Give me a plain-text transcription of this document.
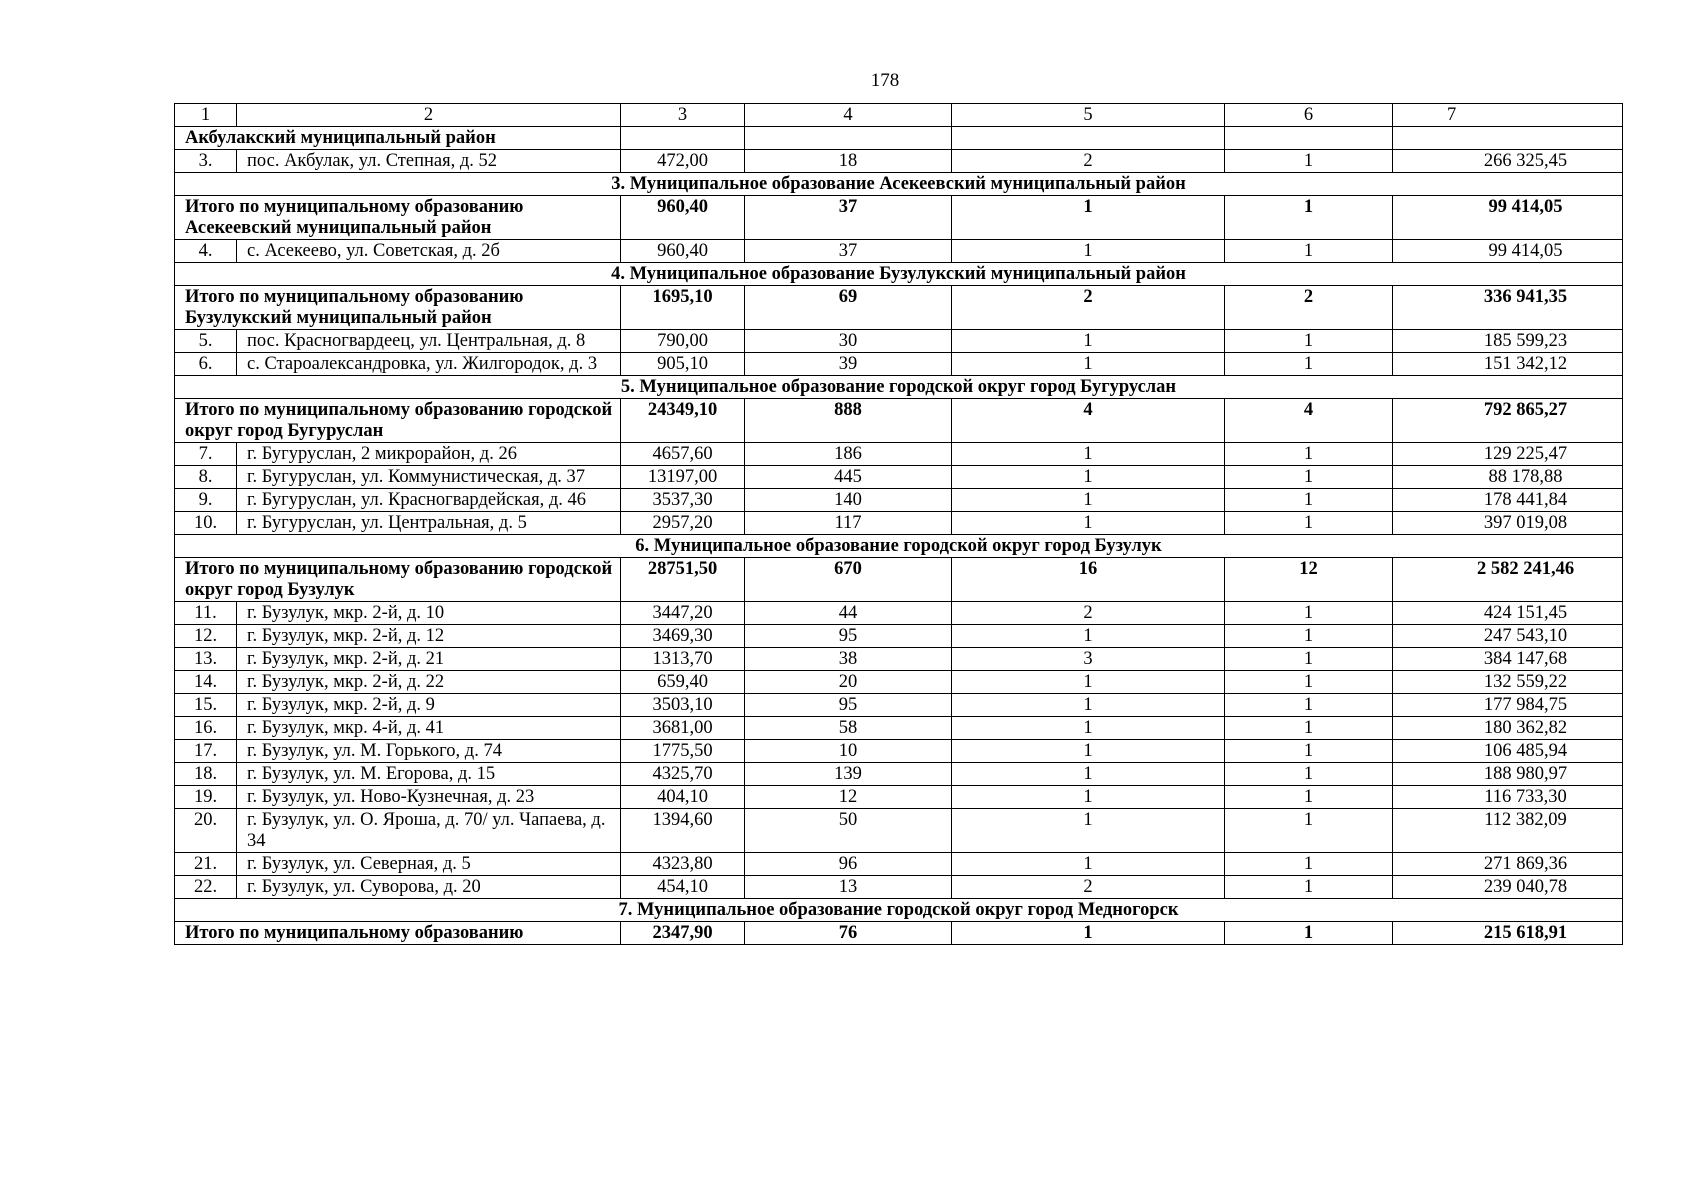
178
1	2	3	4	5	6	7
Акбулакский муниципальный район						
3.	пос. Акбулак, ул. Степная, д. 52	472,00	18	2	1	266 325,45
3. Муниципальное образование Асекеевский муниципальный район						
Итого по муниципальному образованию Асекеевский муниципальный район		960,40	37	1	1	99 414,05
4.	с. Асекеево, ул. Советская, д. 2б	960,40	37	1	1	99 414,05
4. Муниципальное образование Бузулукский муниципальный район						
Итого по муниципальному образованию Бузулукский муниципальный район		1695,10	69	2	2	336 941,35
5.	пос. Красногвардеец, ул. Центральная, д. 8	790,00	30	1	1	185 599,23
6.	с. Староалександровка, ул. Жилгородок, д. 3	905,10	39	1	1	151 342,12
5. Муниципальное образование городской округ город Бугуруслан						
Итого по муниципальному образованию городской округ город Бугуруслан		24349,10	888	4	4	792 865,27
7.	г. Бугуруслан, 2 микрорайон, д. 26	4657,60	186	1	1	129 225,47
8.	г. Бугуруслан, ул. Коммунистическая, д. 37	13197,00	445	1	1	88 178,88
9.	г. Бугуруслан, ул. Красногвардейская, д. 46	3537,30	140	1	1	178 441,84
10.	г. Бугуруслан, ул. Центральная, д. 5	2957,20	117	1	1	397 019,08
6. Муниципальное образование городской округ город Бузулук						
Итого по муниципальному образованию городской округ город Бузулук		28751,50	670	16	12	2 582 241,46
11.	г. Бузулук, мкр. 2-й, д. 10	3447,20	44	2	1	424 151,45
12.	г. Бузулук, мкр. 2-й, д. 12	3469,30	95	1	1	247 543,10
13.	г. Бузулук, мкр. 2-й, д. 21	1313,70	38	3	1	384 147,68
14.	г. Бузулук, мкр. 2-й, д. 22	659,40	20	1	1	132 559,22
15.	г. Бузулук, мкр. 2-й, д. 9	3503,10	95	1	1	177 984,75
16.	г. Бузулук, мкр. 4-й, д. 41	3681,00	58	1	1	180 362,82
17.	г. Бузулук, ул. М. Горького, д. 74	1775,50	10	1	1	106 485,94
18.	г. Бузулук, ул. М. Егорова, д. 15	4325,70	139	1	1	188 980,97
19.	г. Бузулук, ул. Ново-Кузнечная, д. 23	404,10	12	1	1	116 733,30
20.	г. Бузулук, ул. О. Яроша, д. 70/ ул. Чапаева, д. 34	1394,60	50	1	1	112 382,09
21.	г. Бузулук, ул. Северная, д. 5	4323,80	96	1	1	271 869,36
22.	г. Бузулук, ул. Суворова, д. 20	454,10	13	2	1	239 040,78
7. Муниципальное образование городской округ город Медногорск						
Итого по муниципальному образованию		2347,90	76	1	1	215 618,91
